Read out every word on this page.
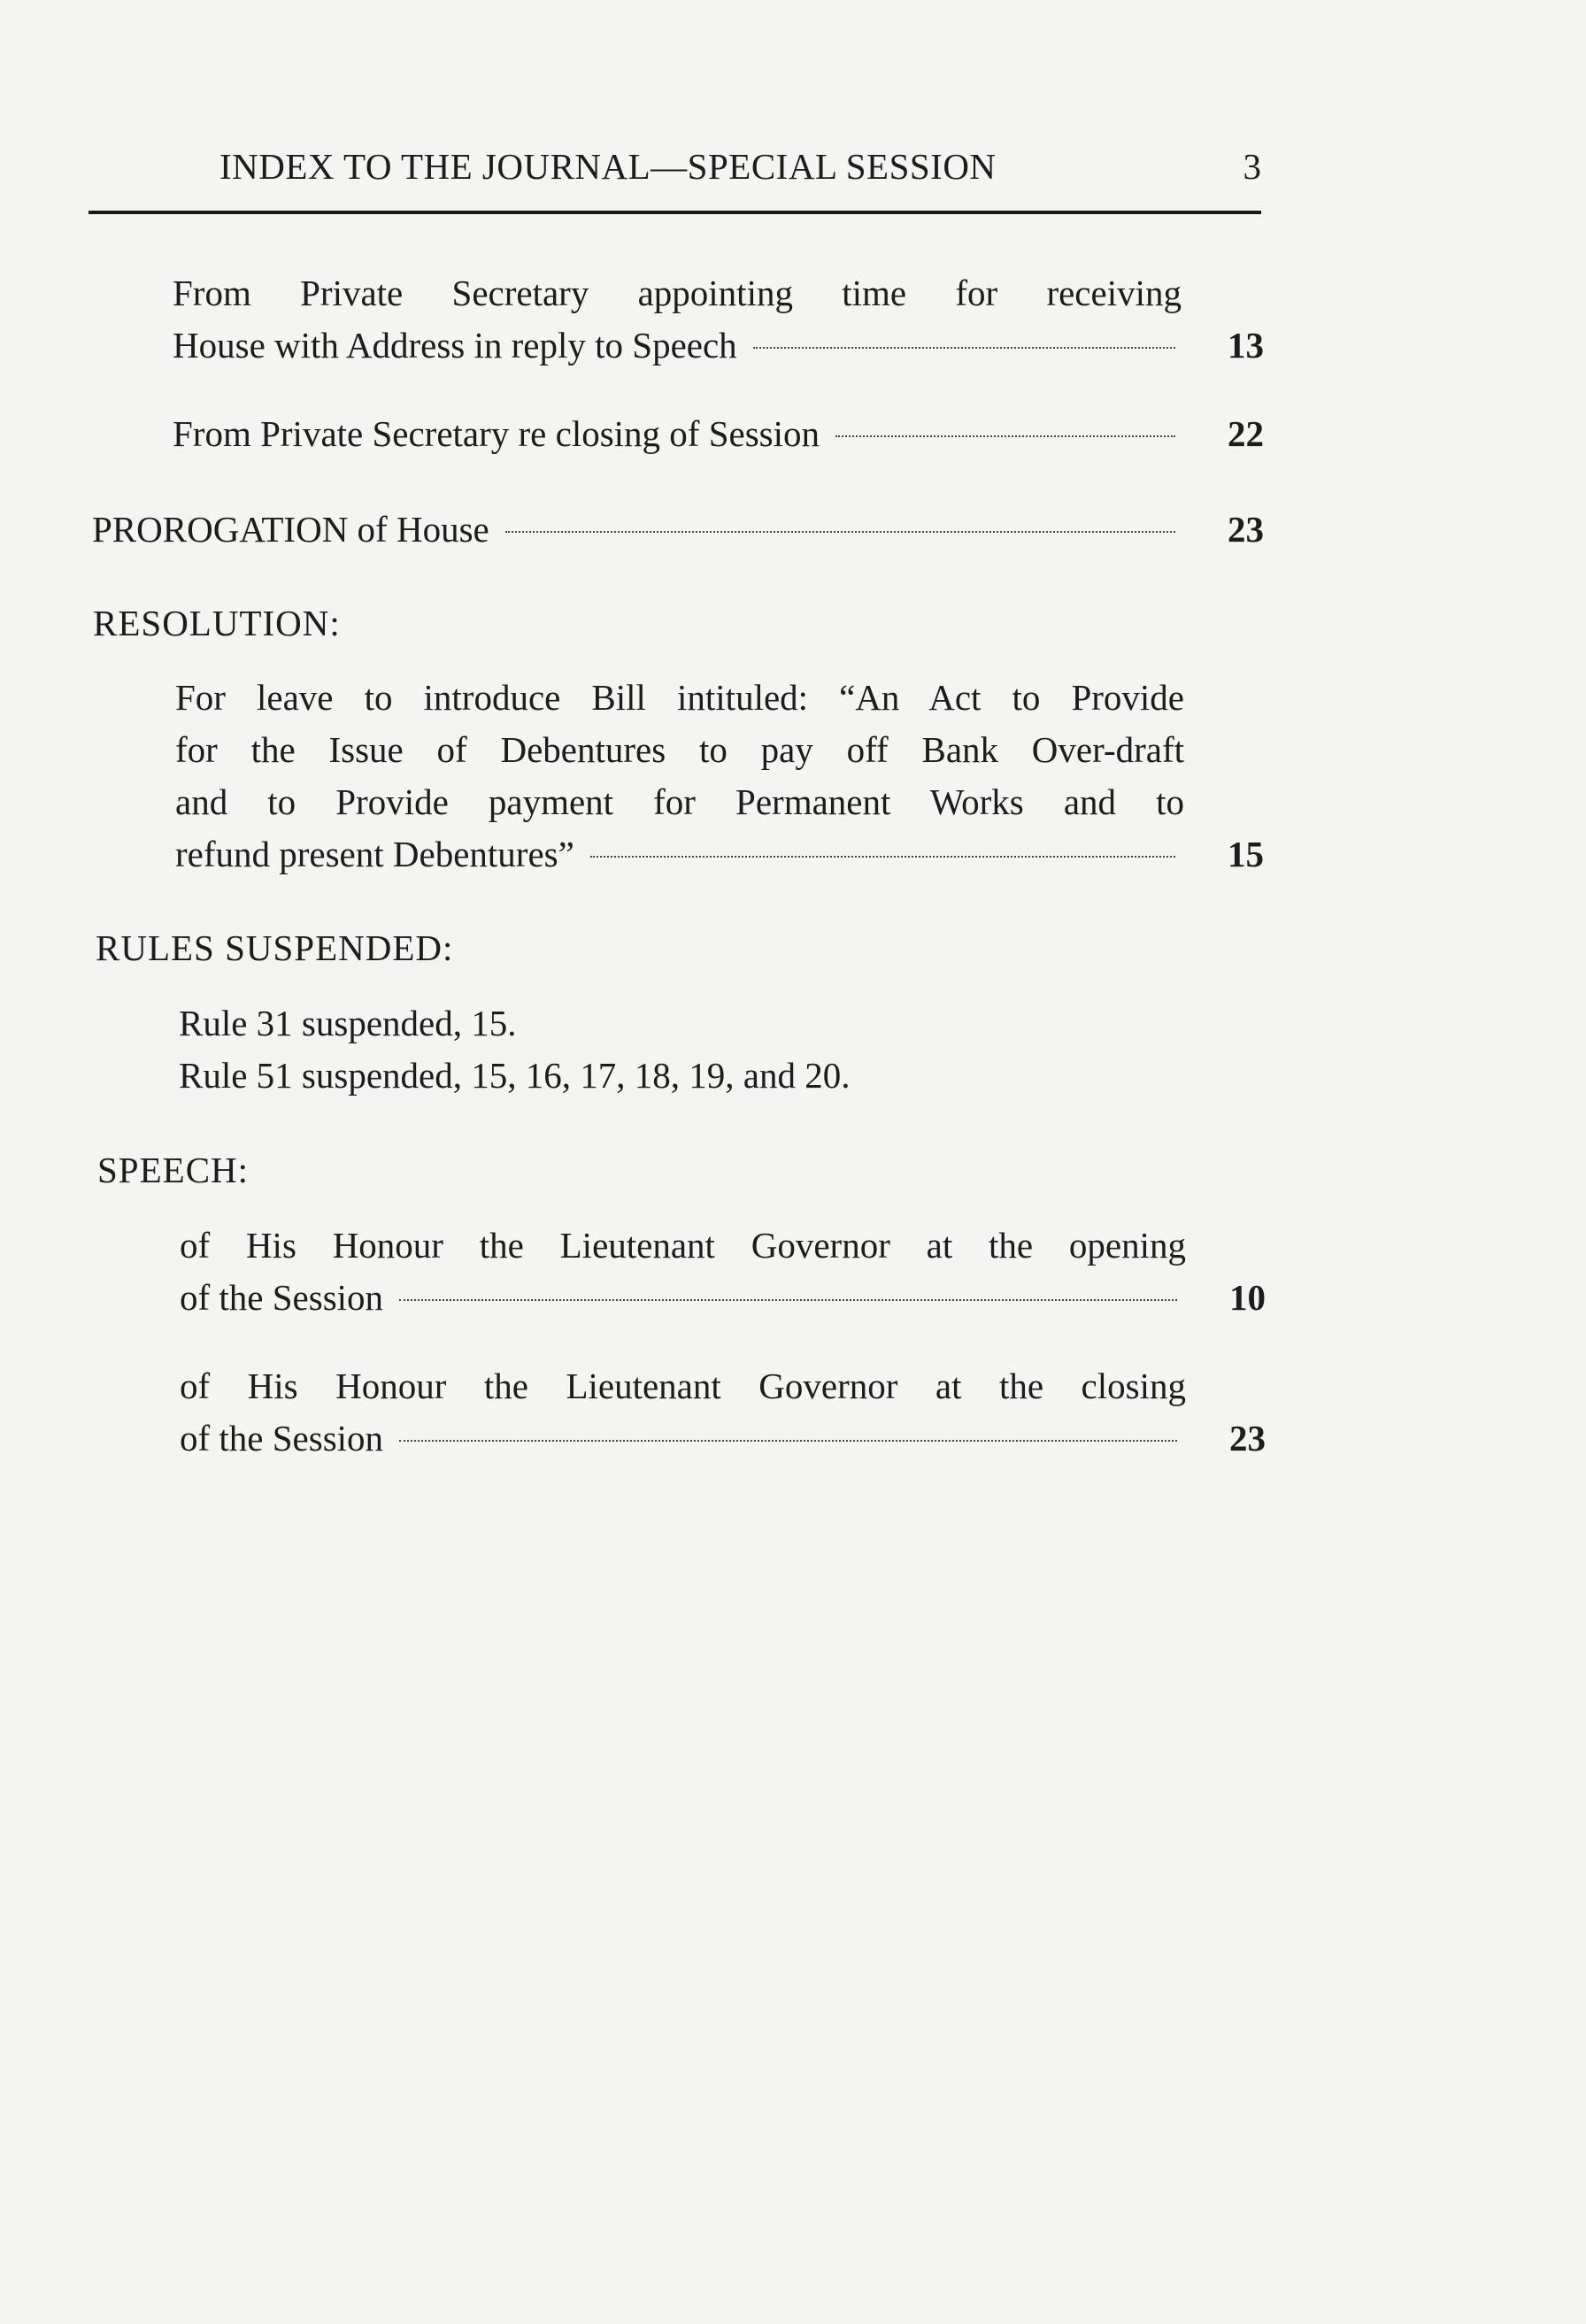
INDEX TO THE JOURNAL—SPECIAL SESSION	3
From Private Secretary appointing time for receiving
House with Address in reply to Speech	13
From Private Secretary re closing of Session	22
PROROGATION of House	23
RESOLUTION:
For leave to introduce Bill intituled: “An Act to Provide
for the Issue of Debentures to pay off Bank Over-draft
and to Provide payment for Permanent Works and to
refund present Debentures”	15
RULES SUSPENDED:
Rule 31 suspended, 15.
Rule 51 suspended, 15, 16, 17, 18, 19, and 20.
SPEECH:
of His Honour the Lieutenant Governor at the opening
of the Session	10
of His Honour the Lieutenant Governor at the closing
of the Session	23
